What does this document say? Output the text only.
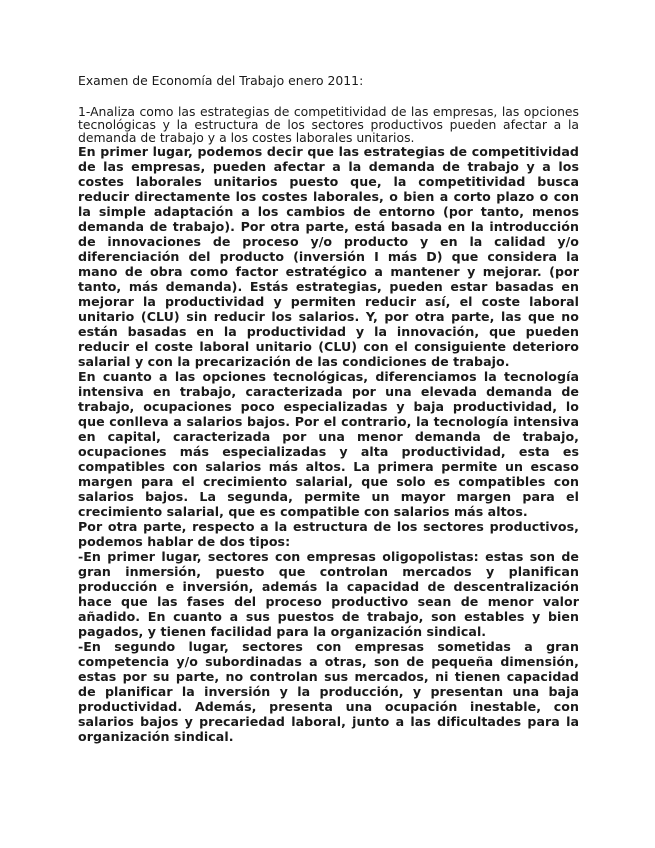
Examen de Economía del Trabajo enero 2011:

1-Analiza como las estrategias de competitividad de las empresas, las opciones tecnológicas y la estructura de los sectores productivos pueden afectar a la demanda de trabajo y a los costes laborales unitarios.

En primer lugar, podemos decir que las estrategias de competitividad de las empresas, pueden afectar a la demanda de trabajo y a los costes laborales unitarios puesto que, la competitividad busca reducir directamente los costes laborales, o bien a corto plazo o con la simple adaptación a los cambios de entorno (por tanto, menos demanda de trabajo). Por otra parte, está basada en la introducción de innovaciones de proceso y/o producto y en la calidad y/o diferenciación del producto (inversión I más D) que considera la mano de obra como factor estratégico a mantener y mejorar. (por tanto, más demanda). Estás estrategias, pueden estar basadas en mejorar la productividad y permiten reducir así, el coste laboral unitario (CLU) sin reducir los salarios. Y, por otra parte, las que no están basadas en la productividad y la innovación, que pueden reducir el coste laboral unitario (CLU) con el consiguiente deterioro salarial y con la precarización de las condiciones de trabajo.

En cuanto a las opciones tecnológicas, diferenciamos la tecnología intensiva en trabajo, caracterizada por una elevada demanda de trabajo, ocupaciones poco especializadas y baja productividad, lo que conlleva a salarios bajos. Por el contrario, la tecnología intensiva en capital, caracterizada por una menor demanda de trabajo, ocupaciones más especializadas y alta productividad, esta es compatibles con salarios más altos. La primera permite un escaso margen para el crecimiento salarial, que solo es compatibles con salarios bajos. La segunda, permite un mayor margen para el crecimiento salarial, que es compatible con salarios más altos.

Por otra parte, respecto a la estructura de los sectores productivos, podemos hablar de dos tipos:

-En primer lugar, sectores con empresas oligopolistas: estas son de gran inmersión, puesto que controlan mercados y planifican producción e inversión, además la capacidad de descentralización hace que las fases del proceso productivo sean de menor valor añadido. En cuanto a sus puestos de trabajo, son estables y bien pagados, y tienen facilidad para la organización sindical.

-En segundo lugar, sectores con empresas sometidas a gran competencia y/o subordinadas a otras, son de pequeña dimensión, estas por su parte, no controlan sus mercados, ni tienen capacidad de planificar la inversión y la producción, y presentan una baja productividad. Además, presenta una ocupación inestable, con salarios bajos y precariedad laboral, junto a las dificultades para la organización sindical.
